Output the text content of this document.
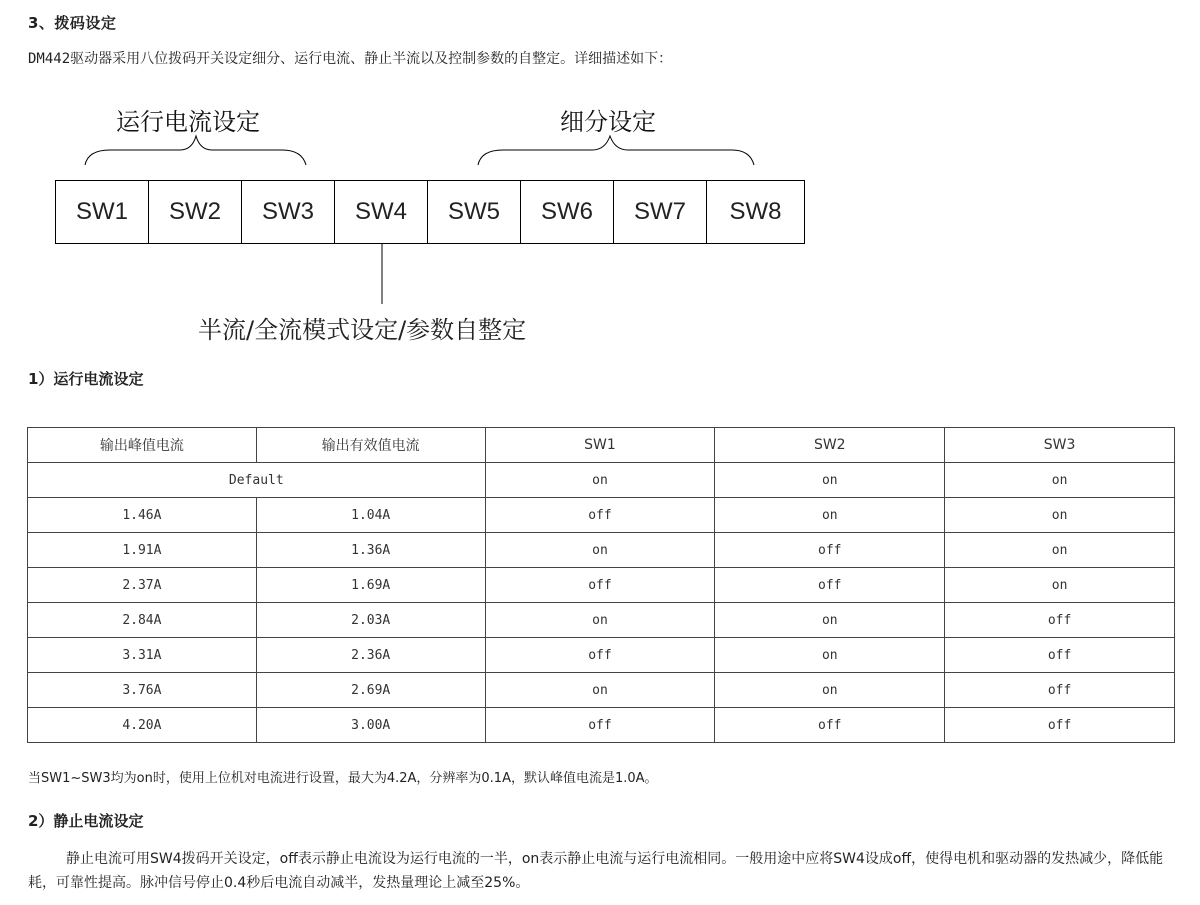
3、拨码设定
DM442驱动器采用八位拨码开关设定细分、运行电流、静止半流以及控制参数的自整定。详细描述如下：
运行电流设定	细分设定
SW1	SW2	SW3	SW4	SW5	SW6	SW7	SW8
半流/全流模式设定/参数自整定
1）运行电流设定
输出峰值电流	输出有效值电流	SW1	SW2	SW3
Default		on	on	on
1.46A	1.04A	off	on	on
1.91A	1.36A	on	off	on
2.37A	1.69A	off	off	on
2.84A	2.03A	on	on	off
3.31A	2.36A	off	on	off
3.76A	2.69A	on	on	off
4.20A	3.00A	off	off	off
当SW1~SW3均为on时，使用上位机对电流进行设置，最大为4.2A，分辨率为0.1A，默认峰值电流是1.0A。
2）静止电流设定
静止电流可用SW4拨码开关设定，off表示静止电流设为运行电流的一半，on表示静止电流与运行电流相同。一般用途中应将SW4设成off，使得电机和驱动器的发热减少，降低能耗，可靠性提高。脉冲信号停止0.4秒后电流自动减半，发热量理论上减至25%。
